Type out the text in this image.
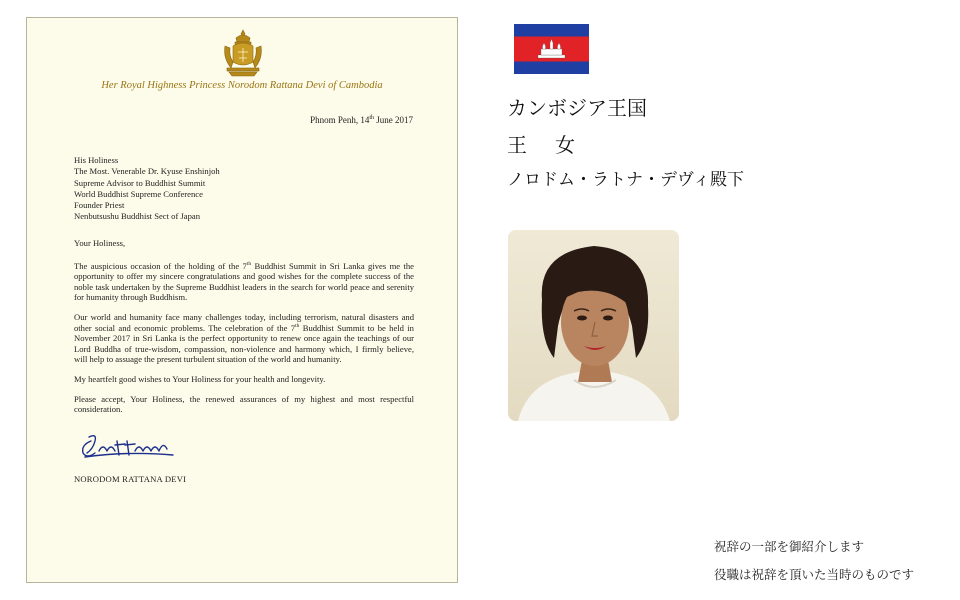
Her Royal Highness Princess Norodom Rattana Devi of Cambodia
Phnom Penh, 14th June 2017
His Holiness
The Most. Venerable Dr. Kyuse Enshinjoh
Supreme Advisor to Buddhist Summit
World Buddhist Supreme Conference
Founder Priest
Nenbutsushu Buddhist Sect of Japan

Your Holiness,

The auspicious occasion of the holding of the 7th Buddhist Summit in Sri Lanka gives me the opportunity to offer my sincere congratulations and good wishes for the complete success of the noble task undertaken by the Supreme Buddhist leaders in the search for world peace and serenity for humanity through Buddhism.

Our world and humanity face many challenges today, including terrorism, natural disasters and other social and economic problems. The celebration of the 7th Buddhist Summit to be held in November 2017 in Sri Lanka is the perfect opportunity to renew once again the teachings of our Lord Buddha of true-wisdom, compassion, non-violence and harmony which, I firmly believe, will help to assuage the present turbulent situation of the world and humanity.

My heartfelt good wishes to Your Holiness for your health and longevity.

Please accept, Your Holiness, the renewed assurances of my highest and most respectful consideration.

NORODOM RATTANA DEVI
カンボジア王国
王女
ノロドム・ラトナ・デヴィ殿下
祝辞の一部を御紹介します
役職は祝辞を頂いた当時のものです
